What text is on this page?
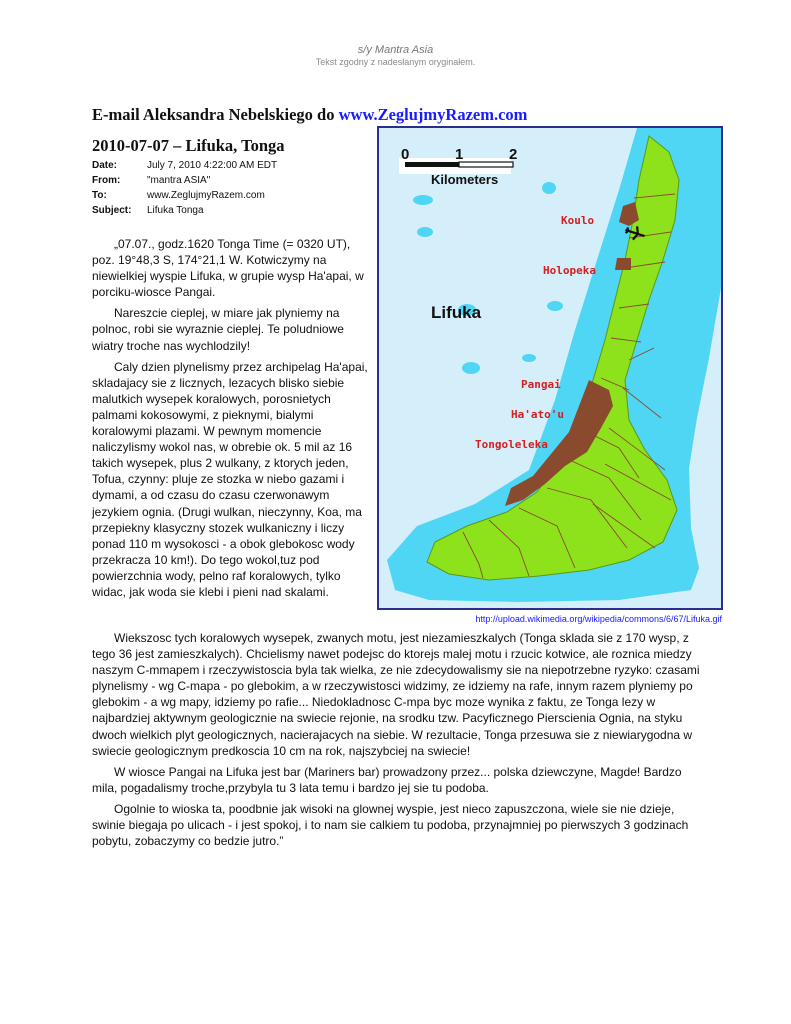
s/y Mantra Asia
Tekst zgodny z nadesłanym oryginałem.
E-mail Aleksandra Nebelskiego do www.ZeglujmyRazem.com
2010-07-07 – Lifuka, Tonga
Date:	July 7, 2010 4:22:00 AM EDT
From:	"mantra ASIA"
To:	www.ZeglujmyRazem.com
Subject:	Lifuka Tonga

„07.07., godz.1620 Tonga Time (= 0320 UT), poz. 19°48,3 S, 174°21,1 W. Kotwiczymy na niewielkiej wyspie Lifuka, w grupie wysp Ha'apai, w porciku-wiosce Pangai.

Nareszcie cieplej, w miare jak plyniemy na polnoc, robi sie wyraznie cieplej. Te poludniowe wiatry troche nas wychlodzily!

Caly dzien plynelismy przez archipelag Ha'apai, skladajacy sie z licznych, lezacych blisko siebie malutkich wysepek koralowych, porosnietych palmami kokosowymi, z pieknymi, bialymi koralowymi plazami. W pewnym momencie naliczylismy wokol nas, w obrebie ok. 5 mil az 16 takich wysepek, plus 2 wulkany, z ktorych jeden, Tofua, czynny: pluje ze stozka w niebo gazami i dymami, a od czasu do czasu czerwonawym jezykiem ognia. (Drugi wulkan, nieczynny, Koa, ma przepiekny klasyczny stozek wulkaniczny i liczy ponad 110 m wysokosci - a obok glebokosc wody przekracza 10 km!). Do tego wokol,tuz pod powierzchnia wody, pelno raf koralowych, tylko widac, jak woda sie klebi i pieni nad skalami.

0	1	2
Kilometers
Lifuka
Koulo
Holopeka
Pangai
Ha'ato'u
Tongoleleka
http://upload.wikimedia.org/wikipedia/commons/6/67/Lifuka.gif

Wiekszosc tych koralowych wysepek, zwanych motu, jest niezamieszkalych (Tonga sklada sie z 170 wysp, z tego 36 jest zamieszkalych). Chcielismy nawet podejsc do ktorejs malej motu i rzucic kotwice, ale roznica miedzy naszym C-mmapem i rzeczywistoscia byla tak wielka, ze nie zdecydowalismy sie na niepotrzebne ryzyko: czasami plynelismy - wg C-mapa - po glebokim, a w rzeczywistosci widzimy, ze idziemy na rafe, innym razem plyniemy po glebokim - a wg mapy, idziemy po rafie... Niedokladnosc C-mpa byc moze wynika z faktu, ze Tonga lezy w najbardziej aktywnym geologicznie na swiecie rejonie, na srodku tzw. Pacyficznego Pierscienia Ognia, na styku dwoch wielkich plyt geologicznych, nacierajacych na siebie. W rezultacie, Tonga przesuwa sie z niewiarygodna w swiecie geologicznym predkoscia 10 cm na rok, najszybciej na swiecie!

W wiosce Pangai na Lifuka jest bar (Mariners bar) prowadzony przez... polska dziewczyne, Magde! Bardzo mila, pogadalismy troche,przybyla tu 3 lata temu i bardzo jej sie tu podoba.

Ogolnie to wioska ta, poodbnie jak wisoki na glownej wyspie, jest nieco zapuszczona, wiele sie nie dzieje, swinie biegaja po ulicach - i jest spokoj, i to nam sie calkiem tu podoba, przynajmniej po pierwszych 3 godzinach pobytu, zobaczymy co bedzie jutro.”
